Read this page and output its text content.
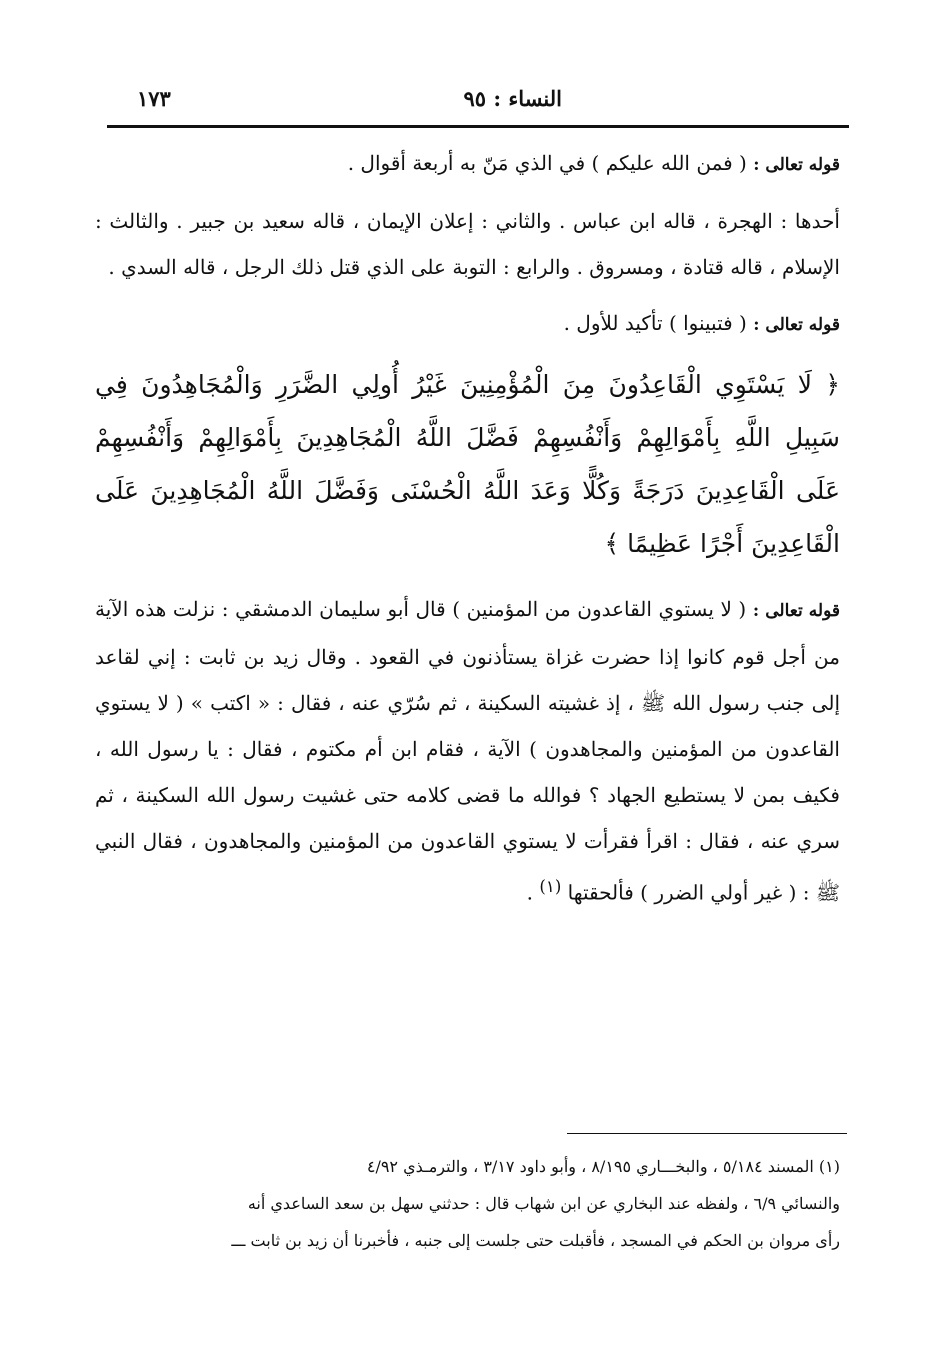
النساء : ٩٥
١٧٣

قوله تعالى : ( فمن الله عليكم ) في الذي مَنّ به أربعة أقوال .

أحدها : الهجرة ، قاله ابن عباس . والثاني : إعلان الإيمان ، قاله سعيد بن جبير . والثالث : الإسلام ، قاله قتادة ، ومسروق . والرابع : التوبة على الذي قتل ذلك الرجل ، قاله السدي .

قوله تعالى : ( فتبينوا ) تأكيد للأول .

﴿ لَا يَسْتَوِي الْقَاعِدُونَ مِنَ الْمُؤْمِنِينَ غَيْرُ أُولِي الضَّرَرِ وَالْمُجَاهِدُونَ فِي سَبِيلِ اللَّهِ بِأَمْوَالِهِمْ وَأَنْفُسِهِمْ فَضَّلَ اللَّهُ الْمُجَاهِدِينَ بِأَمْوَالِهِمْ وَأَنْفُسِهِمْ عَلَى الْقَاعِدِينَ دَرَجَةً وَكُلًّا وَعَدَ اللَّهُ الْحُسْنَى وَفَضَّلَ اللَّهُ الْمُجَاهِدِينَ عَلَى الْقَاعِدِينَ أَجْرًا عَظِيمًا ﴾

قوله تعالى : ( لا يستوي القاعدون من المؤمنين ) قال أبو سليمان الدمشقي : نزلت هذه الآية من أجل قوم كانوا إذا حضرت غزاة يستأذنون في القعود . وقال زيد بن ثابت : إني لقاعد إلى جنب رسول الله ﷺ ، إذ غشيته السكينة ، ثم سُرّي عنه ، فقال : « اكتب » ( لا يستوي القاعدون من المؤمنين والمجاهدون ) الآية ، فقام ابن أم مكتوم ، فقال : يا رسول الله ، فكيف بمن لا يستطيع الجهاد ؟ فوالله ما قضى كلامه حتى غشيت رسول الله السكينة ، ثم سري عنه ، فقال : اقرأ فقرأت لا يستوي القاعدون من المؤمنين والمجاهدون ، فقال النبي ﷺ : ( غير أولي الضرر ) فألحقتها $^{(١)}$ .

(١) المسند ٥/١٨٤ ، والبخـــاري ٨/١٩٥ ، وأبو داود ٣/١٧ ، والترمـذي ٤/٩٢

والنسائي ٦/٩ ، ولفظه عند البخاري عن ابن شهاب قال : حدثني سهل بن سعد الساعدي أنه

رأى مروان بن الحكم في المسجد ، فأقبلت حتى جلست إلى جنبه ، فأخبرنا أن زيد بن ثابت ـــ
